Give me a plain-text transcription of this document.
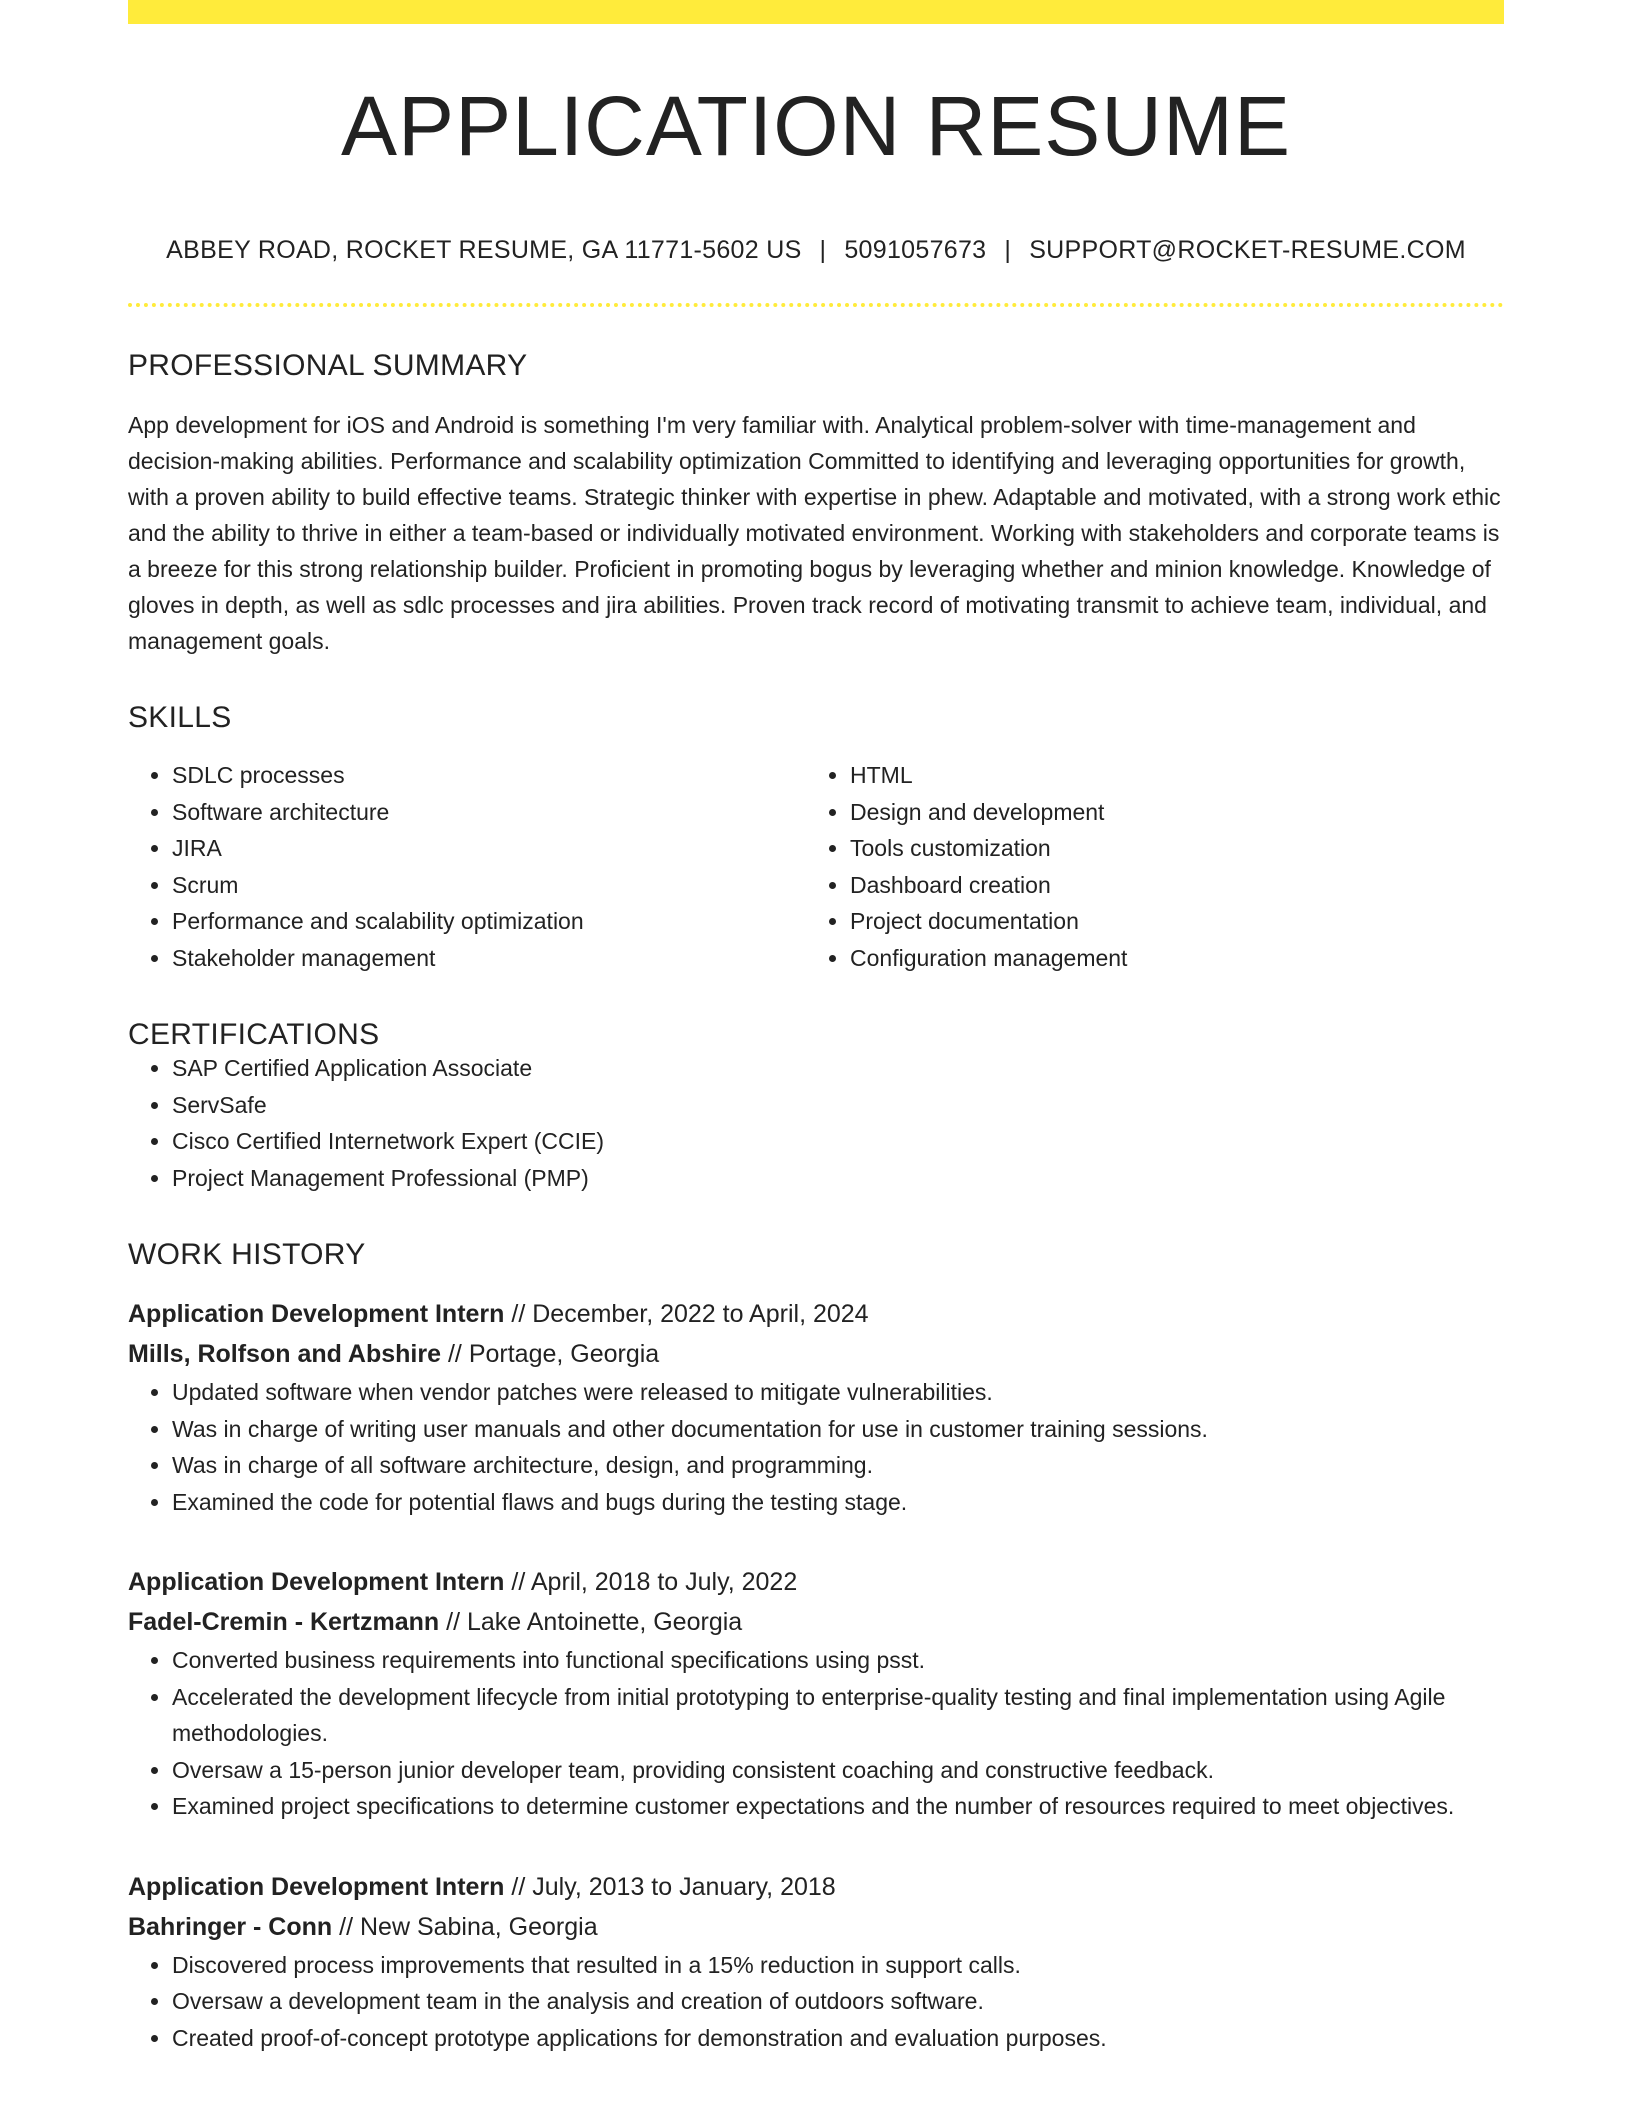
APPLICATION RESUME
ABBEY ROAD, ROCKET RESUME, GA 11771-5602 US | 5091057673 | SUPPORT@ROCKET-RESUME.COM
PROFESSIONAL SUMMARY
App development for iOS and Android is something I'm very familiar with. Analytical problem-solver with time-management and decision-making abilities. Performance and scalability optimization Committed to identifying and leveraging opportunities for growth, with a proven ability to build effective teams. Strategic thinker with expertise in phew. Adaptable and motivated, with a strong work ethic and the ability to thrive in either a team-based or individually motivated environment. Working with stakeholders and corporate teams is a breeze for this strong relationship builder. Proficient in promoting bogus by leveraging whether and minion knowledge. Knowledge of gloves in depth, as well as sdlc processes and jira abilities. Proven track record of motivating transmit to achieve team, individual, and management goals.
SKILLS
• SDLC processes
• Software architecture
• JIRA
• Scrum
• Performance and scalability optimization
• Stakeholder management
• HTML
• Design and development
• Tools customization
• Dashboard creation
• Project documentation
• Configuration management
CERTIFICATIONS
• SAP Certified Application Associate
• ServSafe
• Cisco Certified Internetwork Expert (CCIE)
• Project Management Professional (PMP)
WORK HISTORY
Application Development Intern // December, 2022 to April, 2024
Mills, Rolfson and Abshire // Portage, Georgia
• Updated software when vendor patches were released to mitigate vulnerabilities.
• Was in charge of writing user manuals and other documentation for use in customer training sessions.
• Was in charge of all software architecture, design, and programming.
• Examined the code for potential flaws and bugs during the testing stage.
Application Development Intern // April, 2018 to July, 2022
Fadel-Cremin - Kertzmann // Lake Antoinette, Georgia
• Converted business requirements into functional specifications using psst.
• Accelerated the development lifecycle from initial prototyping to enterprise-quality testing and final implementation using Agile methodologies.
• Oversaw a 15-person junior developer team, providing consistent coaching and constructive feedback.
• Examined project specifications to determine customer expectations and the number of resources required to meet objectives.
Application Development Intern // July, 2013 to January, 2018
Bahringer - Conn // New Sabina, Georgia
• Discovered process improvements that resulted in a 15% reduction in support calls.
• Oversaw a development team in the analysis and creation of outdoors software.
• Created proof-of-concept prototype applications for demonstration and evaluation purposes.
